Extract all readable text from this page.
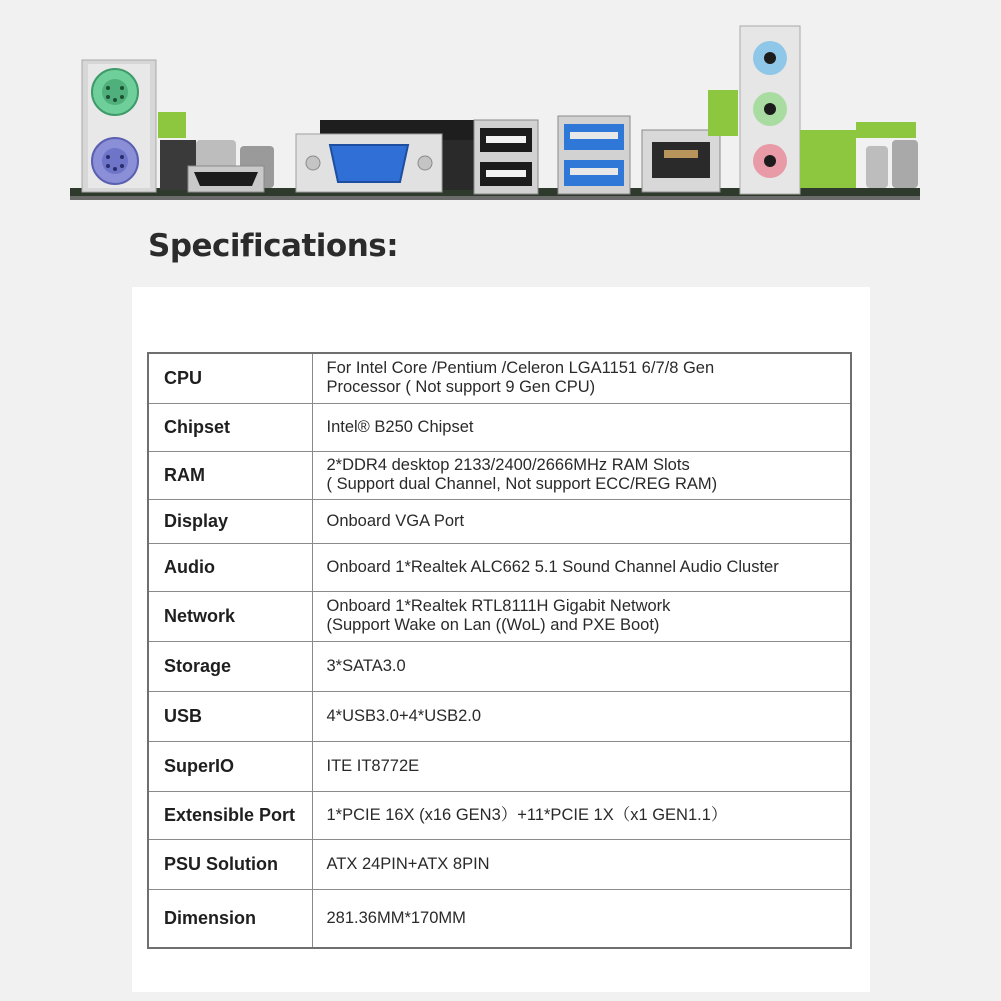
Specifications:
CPU	For Intel Core /Pentium /Celeron LGA1151 6/7/8 Gen
Processor ( Not support 9 Gen CPU)

Chipset	Intel® B250 Chipset

RAM	2*DDR4 desktop 2133/2400/2666MHz RAM Slots
( Support dual Channel, Not support ECC/REG RAM)

Display	Onboard VGA Port

Audio	Onboard 1*Realtek ALC662 5.1 Sound Channel Audio Cluster

Network	Onboard 1*Realtek RTL8111H Gigabit Network
(Support Wake on Lan ((WoL) and PXE Boot)

Storage	3*SATA3.0

USB	4*USB3.0+4*USB2.0

SuperIO	ITE IT8772E

Extensible Port	1*PCIE 16X (x16 GEN3）+11*PCIE 1X（x1 GEN1.1）

PSU Solution	ATX 24PIN+ATX 8PIN

Dimension	281.36MM*170MM
